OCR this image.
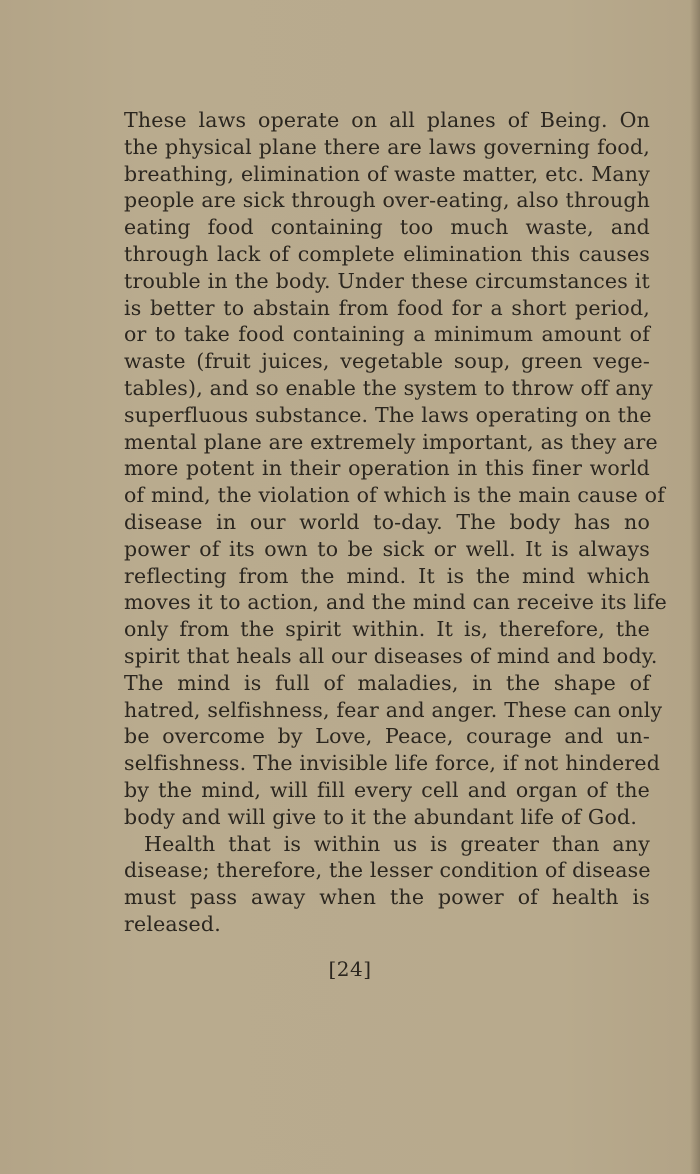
These laws operate on all planes of Being. On
the physical plane there are laws governing food,
breathing, elimination of waste matter, etc. Many
people are sick through over-eating, also through
eating food containing too much waste, and
through lack of complete elimination this causes
trouble in the body. Under these circumstances it
is better to abstain from food for a short period,
or to take food containing a minimum amount of
waste (fruit juices, vegetable soup, green vege-
tables), and so enable the system to throw off any
superfluous substance. The laws operating on the
mental plane are extremely important, as they are
more potent in their operation in this finer world
of mind, the violation of which is the main cause of
disease in our world to-day. The body has no
power of its own to be sick or well. It is always
reflecting from the mind. It is the mind which
moves it to action, and the mind can receive its life
only from the spirit within. It is, therefore, the
spirit that heals all our diseases of mind and body.
The mind is full of maladies, in the shape of
hatred, selfishness, fear and anger. These can only
be overcome by Love, Peace, courage and un-
selfishness. The invisible life force, if not hindered
by the mind, will fill every cell and organ of the
body and will give to it the abundant life of God.
Health that is within us is greater than any
disease; therefore, the lesser condition of disease
must pass away when the power of health is
released.
[24]
